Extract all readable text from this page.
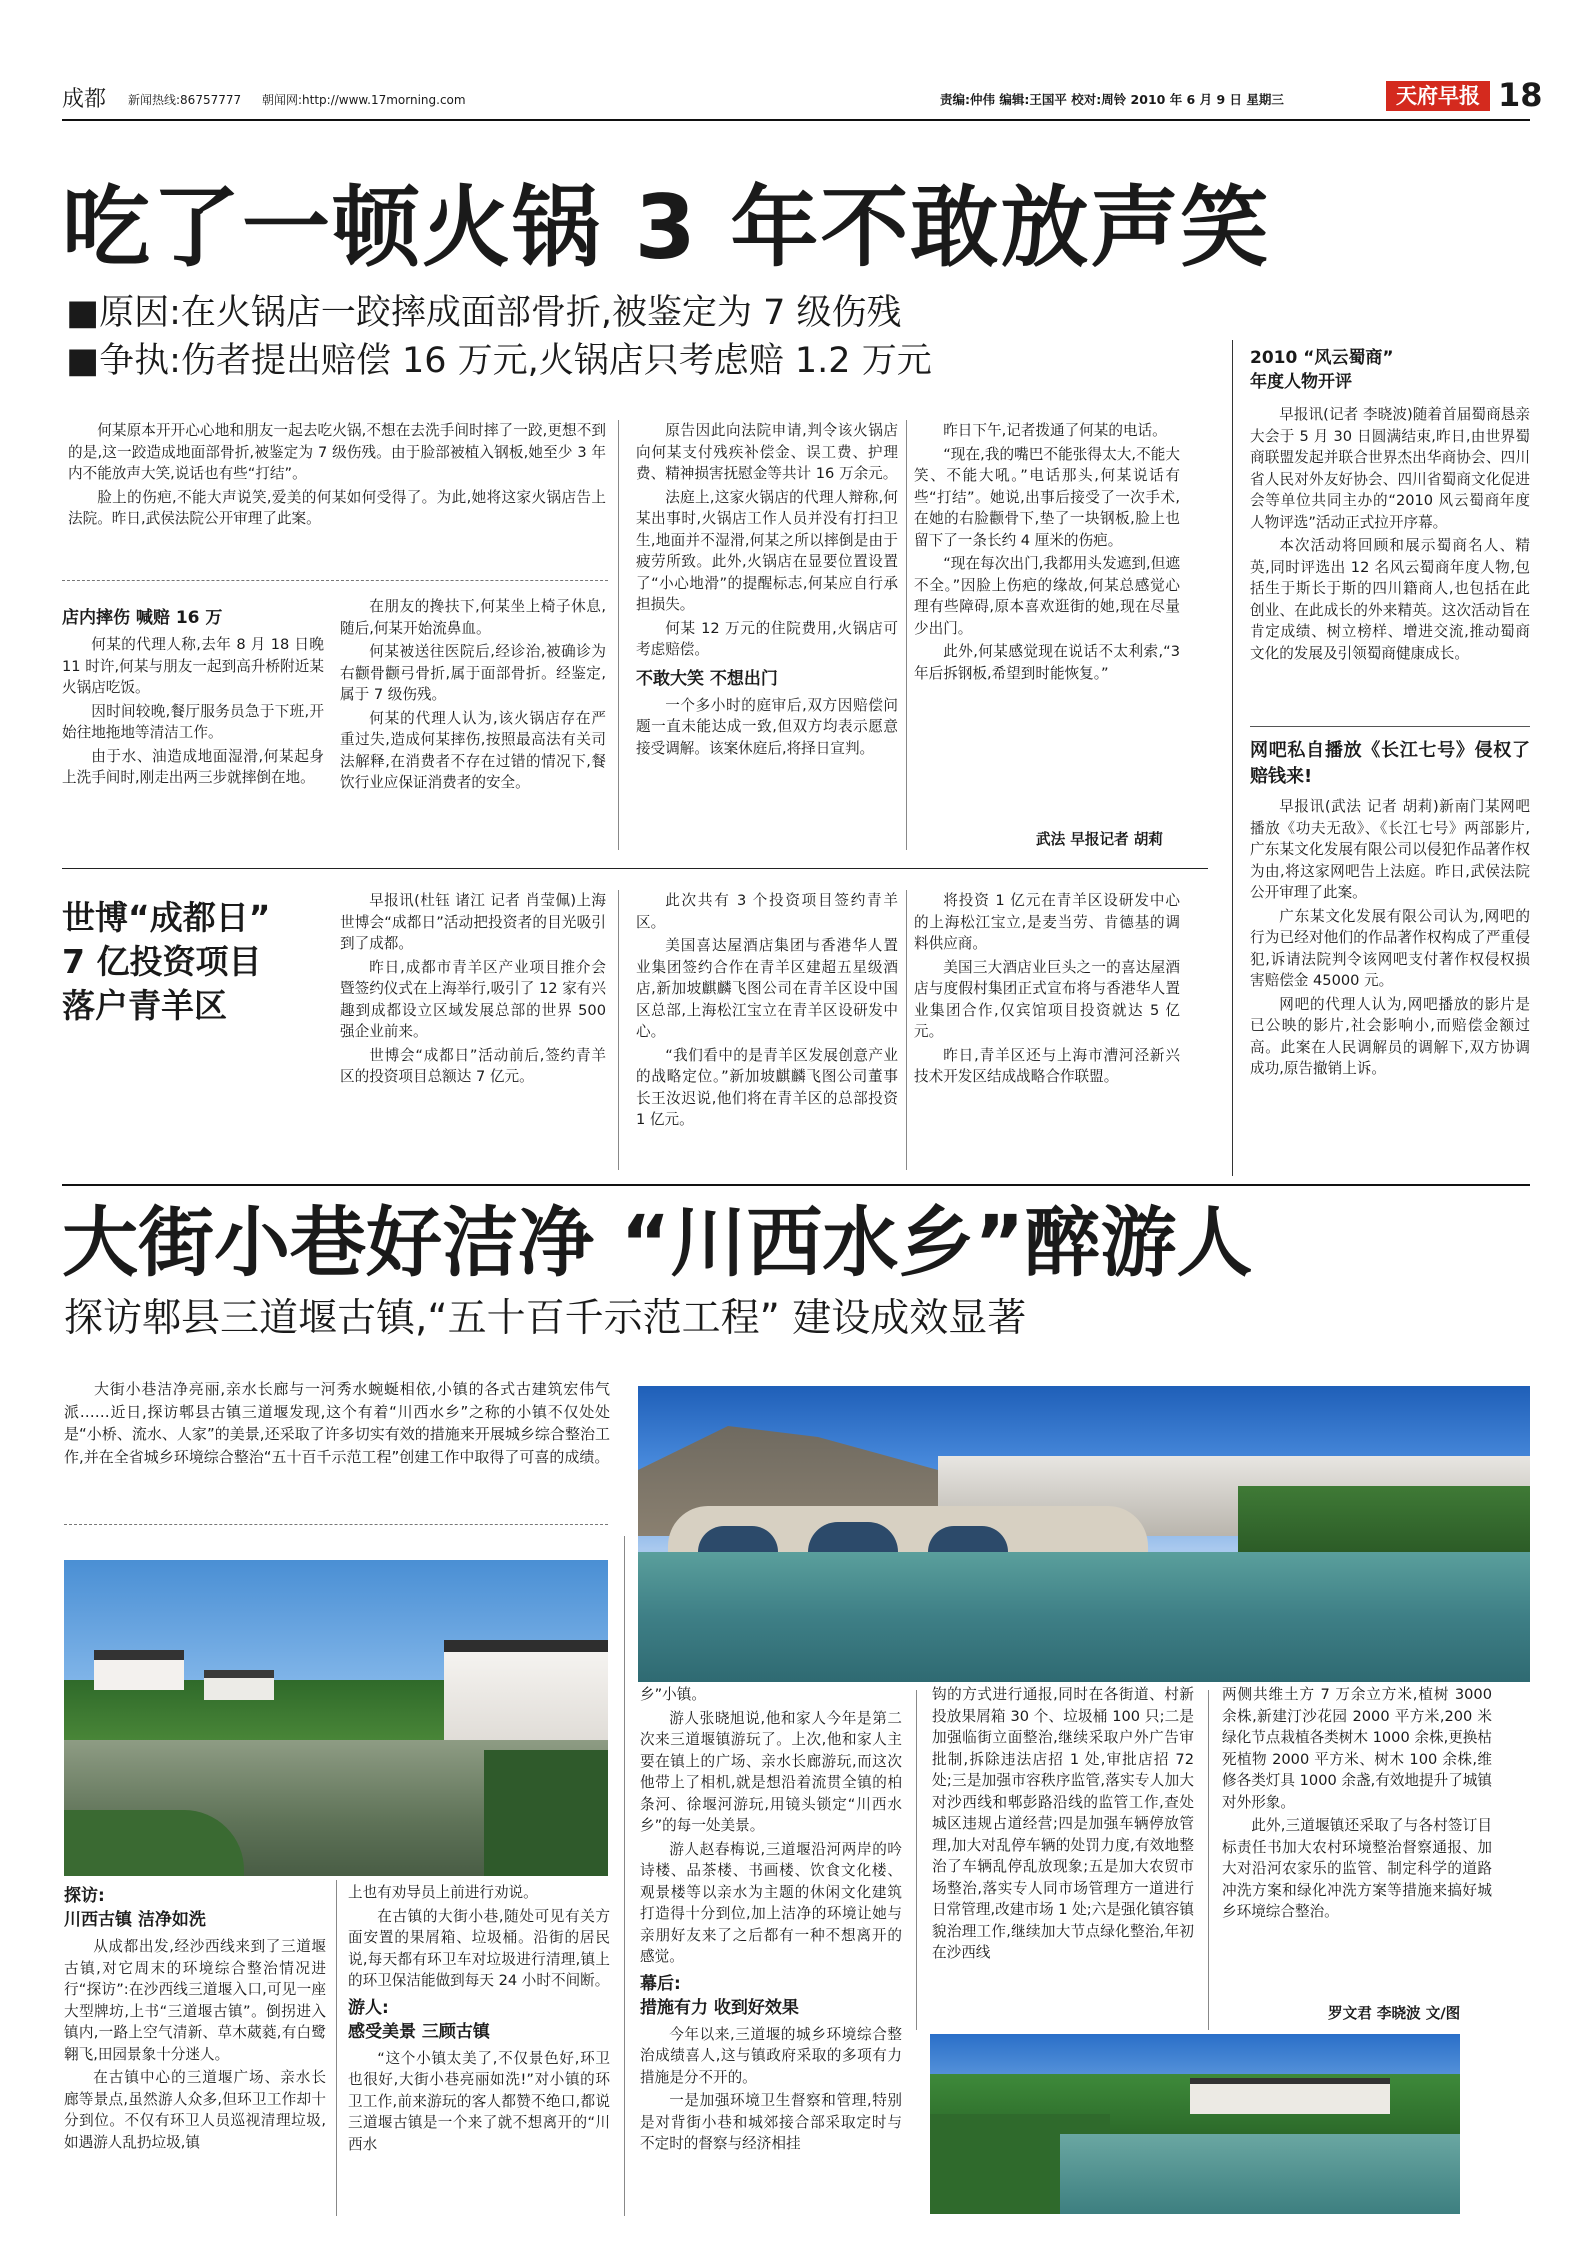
成都 新闻热线:86757777 朝闻网:http://www.17morning.com	责编:仲伟 编辑:王国平 校对:周铃 2010 年 6 月 9 日 星期三	天府早报 18
吃了一顿火锅 3 年不敢放声笑
■原因:在火锅店一跤摔成面部骨折,被鉴定为 7 级伤残
■争执:伤者提出赔偿 16 万元,火锅店只考虑赔 1.2 万元

何某原本开开心心地和朋友一起去吃火锅,不想在去洗手间时摔了一跤,更想不到的是,这一跤造成地面部骨折,被鉴定为 7 级伤残。由于脸部被植入钢板,她至少 3 年内不能放声大笑,说话也有些“打结”。

脸上的伤疤,不能大声说笑,爱美的何某如何受得了。为此,她将这家火锅店告上法院。昨日,武侯法院公开审理了此案。

店内摔伤 喊赔 16 万

何某的代理人称,去年 8 月 18 日晚 11 时许,何某与朋友一起到高升桥附近某火锅店吃饭。

因时间较晚,餐厅服务员急于下班,开始往地拖地等清洁工作。

由于水、油造成地面湿滑,何某起身上洗手间时,刚走出两三步就摔倒在地。

在朋友的搀扶下,何某坐上椅子休息,随后,何某开始流鼻血。

何某被送往医院后,经诊治,被确诊为右颧骨颧弓骨折,属于面部骨折。经鉴定,属于 7 级伤残。

何某的代理人认为,该火锅店存在严重过失,造成何某摔伤,按照最高法有关司法解释,在消费者不存在过错的情况下,餐饮行业应保证消费者的安全。

原告因此向法院申请,判令该火锅店向何某支付残疾补偿金、误工费、护理费、精神损害抚慰金等共计 16 万余元。

法庭上,这家火锅店的代理人辩称,何某出事时,火锅店工作人员并没有打扫卫生,地面并不湿滑,何某之所以摔倒是由于疲劳所致。此外,火锅店在显要位置设置了“小心地滑”的提醒标志,何某应自行承担损失。

何某 12 万元的住院费用,火锅店可考虑赔偿。

不敢大笑 不想出门

一个多小时的庭审后,双方因赔偿问题一直未能达成一致,但双方均表示愿意接受调解。该案休庭后,将择日宣判。

昨日下午,记者拨通了何某的电话。

“现在,我的嘴巴不能张得太大,不能大笑、不能大吼。”电话那头,何某说话有些“打结”。她说,出事后接受了一次手术,在她的右脸颧骨下,垫了一块钢板,脸上也留下了一条长约 4 厘米的伤疤。

“现在每次出门,我都用头发遮到,但遮不全。”因脸上伤疤的缘故,何某总感觉心理有些障碍,原本喜欢逛街的她,现在尽量少出门。

此外,何某感觉现在说话不太利索,“3 年后拆钢板,希望到时能恢复。”

武法 早报记者 胡莉
2010 “风云蜀商”
年度人物开评

早报讯(记者 李晓波)随着首届蜀商恳亲大会于 5 月 30 日圆满结束,昨日,由世界蜀商联盟发起并联合世界杰出华商协会、四川省人民对外友好协会、四川省蜀商文化促进会等单位共同主办的“2010 风云蜀商年度人物评选”活动正式拉开序幕。

本次活动将回顾和展示蜀商名人、精英,同时评选出 12 名风云蜀商年度人物,包括生于斯长于斯的四川籍商人,也包括在此创业、在此成长的外来精英。这次活动旨在肯定成绩、树立榜样、增进交流,推动蜀商文化的发展及引领蜀商健康成长。

网吧私自播放《长江七号》侵权了 赔钱来!

早报讯(武法 记者 胡莉)新南门某网吧播放《功夫无敌》、《长江七号》两部影片,广东某文化发展有限公司以侵犯作品著作权为由,将这家网吧告上法庭。昨日,武侯法院公开审理了此案。

广东某文化发展有限公司认为,网吧的行为已经对他们的作品著作权构成了严重侵犯,诉请法院判令该网吧支付著作权侵权损害赔偿金 45000 元。

网吧的代理人认为,网吧播放的影片是已公映的影片,社会影响小,而赔偿金额过高。此案在人民调解员的调解下,双方协调成功,原告撤销上诉。

世博“成都日”
7 亿投资项目
落户青羊区

早报讯(杜钰 诸江 记者 肖莹佩)上海世博会“成都日”活动把投资者的目光吸引到了成都。

昨日,成都市青羊区产业项目推介会暨签约仪式在上海举行,吸引了 12 家有兴趣到成都设立区域发展总部的世界 500 强企业前来。

世博会“成都日”活动前后,签约青羊区的投资项目总额达 7 亿元。

此次共有 3 个投资项目签约青羊区。

美国喜达屋酒店集团与香港华人置业集团签约合作在青羊区建超五星级酒店,新加坡麒麟飞图公司在青羊区设中国区总部,上海松江宝立在青羊区设研发中心。

“我们看中的是青羊区发展创意产业的战略定位。”新加坡麒麟飞图公司董事长王汝迟说,他们将在青羊区的总部投资 1 亿元。

将投资 1 亿元在青羊区设研发中心的上海松江宝立,是麦当劳、肯德基的调料供应商。

美国三大酒店业巨头之一的喜达屋酒店与度假村集团正式宣布将与香港华人置业集团合作,仅宾馆项目投资就达 5 亿元。

昨日,青羊区还与上海市漕河泾新兴技术开发区结成战略合作联盟。

大街小巷好洁净 “川西水乡”醉游人
探访郫县三道堰古镇,“五十百千示范工程” 建设成效显著

大街小巷洁净亮丽,亲水长廊与一河秀水蜿蜒相依,小镇的各式古建筑宏伟气派……近日,探访郫县古镇三道堰发现,这个有着“川西水乡”之称的小镇不仅处处是“小桥、流水、人家”的美景,还采取了许多切实有效的措施来开展城乡综合整治工作,并在全省城乡环境综合整治“五十百千示范工程”创建工作中取得了可喜的成绩。

探访:
川西古镇 洁净如洗

从成都出发,经沙西线来到了三道堰古镇,对它周末的环境综合整治情况进行“探访”:在沙西线三道堰入口,可见一座大型牌坊,上书“三道堰古镇”。倒拐进入镇内,一路上空气清新、草木葳蕤,有白鹭翱飞,田园景象十分迷人。

在古镇中心的三道堰广场、亲水长廊等景点,虽然游人众多,但环卫工作却十分到位。不仅有环卫人员巡视清理垃圾,如遇游人乱扔垃圾,镇

上也有劝导员上前进行劝说。

在古镇的大街小巷,随处可见有关方面安置的果屑箱、垃圾桶。沿街的居民说,每天都有环卫车对垃圾进行清理,镇上的环卫保洁能做到每天 24 小时不间断。

游人:
感受美景 三顾古镇

“这个小镇太美了,不仅景色好,环卫也很好,大街小巷亮丽如洗!”对小镇的环卫工作,前来游玩的客人都赞不绝口,都说三道堰古镇是一个来了就不想离开的“川西水

乡”小镇。

游人张晓旭说,他和家人今年是第二次来三道堰镇游玩了。上次,他和家人主要在镇上的广场、亲水长廊游玩,而这次他带上了相机,就是想沿着流贯全镇的柏条河、徐堰河游玩,用镜头锁定“川西水乡”的每一处美景。

游人赵春梅说,三道堰沿河两岸的吟诗楼、品茶楼、书画楼、饮食文化楼、观景楼等以亲水为主题的休闲文化建筑打造得十分到位,加上洁净的环境让她与亲朋好友来了之后都有一种不想离开的感觉。

幕后:
措施有力 收到好效果

今年以来,三道堰的城乡环境综合整治成绩喜人,这与镇政府采取的多项有力措施是分不开的。

一是加强环境卫生督察和管理,特别是对背街小巷和城郊接合部采取定时与不定时的督察与经济相挂

钩的方式进行通报,同时在各街道、村新投放果屑箱 30 个、垃圾桶 100 只;二是加强临街立面整治,继续采取户外广告审批制,拆除违法店招 1 处,审批店招 72 处;三是加强市容秩序监管,落实专人加大对沙西线和郫彭路沿线的监管工作,查处城区违规占道经营;四是加强车辆停放管理,加大对乱停车辆的处罚力度,有效地整治了车辆乱停乱放现象;五是加大农贸市场整治,落实专人同市场管理方一道进行日常管理,改建市场 1 处;六是强化镇容镇貌治理工作,继续加大节点绿化整治,年初在沙西线

两侧共维土方 7 万余立方米,植树 3000 余株,新建汀沙花园 2000 平方米,200 米绿化节点栽植各类树木 1000 余株,更换枯死植物 2000 平方米、树木 100 余株,维修各类灯具 1000 余盏,有效地提升了城镇对外形象。

此外,三道堰镇还采取了与各村签订目标责任书加大农村环境整治督察通报、加大对沿河农家乐的监管、制定科学的道路冲洗方案和绿化冲洗方案等措施来搞好城乡环境综合整治。

罗文君 李晓波 文/图
